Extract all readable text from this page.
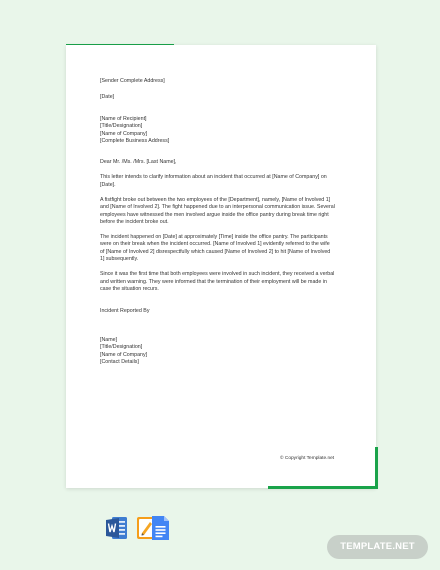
[Sender Complete Address]

[Date]

[Name of Recipient]

[Title/Designation]

[Name of Company]

[Complete Business Address]

Dear Mr. /Ms. /Mrs. [Last Name],

This letter intends to clarify information about an incident that occurred at [Name of Company] on

[Date].

A fistfight broke out between the two employees of the [Department], namely, [Name of Involved 1]

and [Name of Involved 2]. The fight happened due to an interpersonal communication issue. Several

employees have witnessed the men involved argue inside the office pantry during break time right

before the incident broke out.

The incident happened on [Date] at approximately [Time] inside the office pantry. The participants

were on their break when the incident occurred. [Name of Involved 1] evidently referred to the wife

of [Name of Involved 2] disrespectfully which caused [Name of Involved 2] to hit [Name of Involved

1] subsequently.

Since it was the first time that both employees were involved in such incident, they received a verbal

and written warning. They were informed that the termination of their employment will be made in

case the situation recurs.

Incident Reported By

[Name]

[Title/Designation]

[Name of Company]

[Contact Details]

© Copyright Template.net
TEMPLATE.NET
